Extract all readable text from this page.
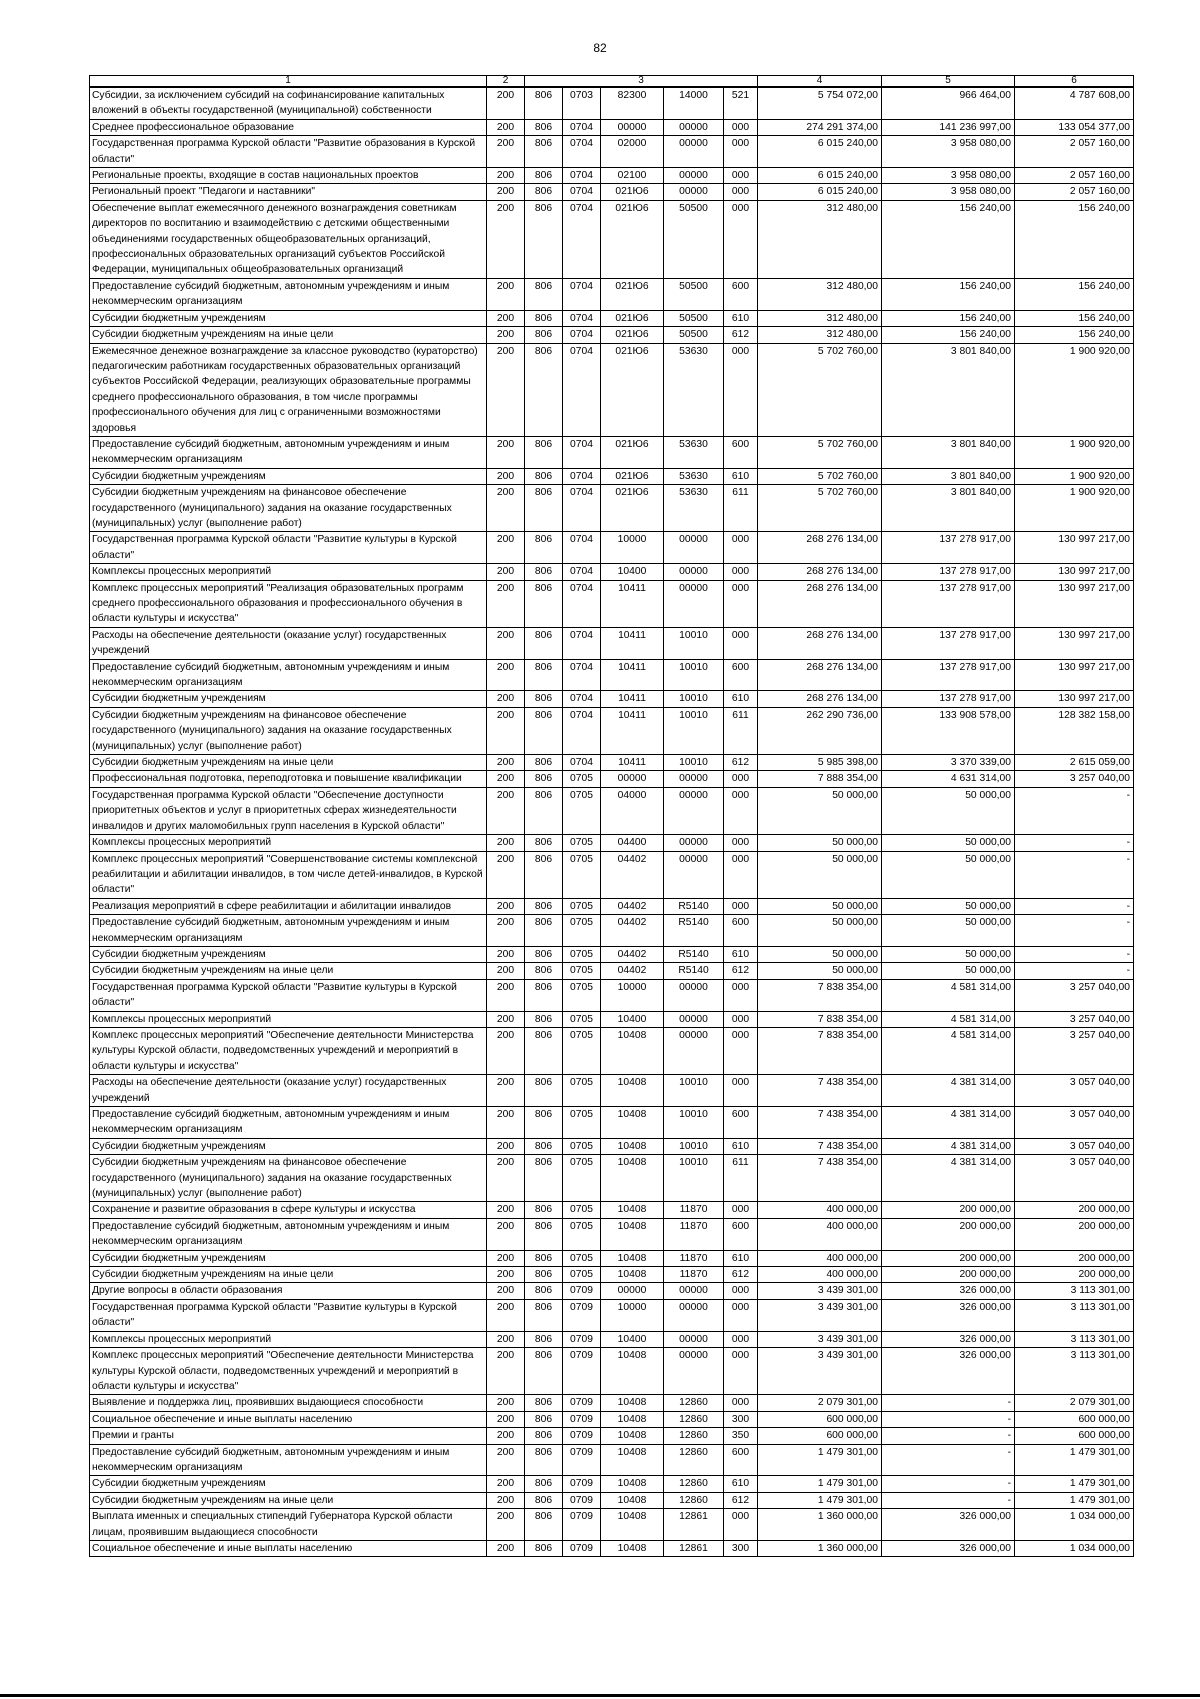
82
1	2	3					4	5	6
Субсидии, за исключением субсидий на софинансирование капитальных вложений в объекты государственной (муниципальной) собственности	200	806	0703	82300	14000	521	5 754 072,00	966 464,00	4 787 608,00
Среднее профессиональное образование	200	806	0704	00000	00000	000	274 291 374,00	141 236 997,00	133 054 377,00
Государственная программа Курской области "Развитие образования в Курской области"	200	806	0704	02000	00000	000	6 015 240,00	3 958 080,00	2 057 160,00
Региональные проекты, входящие в состав национальных проектов	200	806	0704	02100	00000	000	6 015 240,00	3 958 080,00	2 057 160,00
Региональный проект "Педагоги и наставники"	200	806	0704	021Ю6	00000	000	6 015 240,00	3 958 080,00	2 057 160,00
Обеспечение выплат ежемесячного денежного вознаграждения советникам директоров по воспитанию и взаимодействию с детскими общественными объединениями государственных общеобразовательных организаций, профессиональных образовательных организаций субъектов Российской Федерации, муниципальных общеобразовательных организаций	200	806	0704	021Ю6	50500	000	312 480,00	156 240,00	156 240,00
Предоставление субсидий бюджетным, автономным учреждениям и иным некоммерческим организациям	200	806	0704	021Ю6	50500	600	312 480,00	156 240,00	156 240,00
Субсидии бюджетным учреждениям	200	806	0704	021Ю6	50500	610	312 480,00	156 240,00	156 240,00
Субсидии бюджетным учреждениям на иные цели	200	806	0704	021Ю6	50500	612	312 480,00	156 240,00	156 240,00
Ежемесячное денежное вознаграждение за классное руководство (кураторство) педагогическим работникам государственных образовательных организаций субъектов Российской Федерации, реализующих образовательные программы среднего профессионального образования, в том числе программы профессионального обучения для лиц с ограниченными возможностями здоровья	200	806	0704	021Ю6	53630	000	5 702 760,00	3 801 840,00	1 900 920,00
Предоставление субсидий бюджетным, автономным учреждениям и иным некоммерческим организациям	200	806	0704	021Ю6	53630	600	5 702 760,00	3 801 840,00	1 900 920,00
Субсидии бюджетным учреждениям	200	806	0704	021Ю6	53630	610	5 702 760,00	3 801 840,00	1 900 920,00
Субсидии бюджетным учреждениям на финансовое обеспечение государственного (муниципального) задания на оказание государственных (муниципальных) услуг (выполнение работ)	200	806	0704	021Ю6	53630	611	5 702 760,00	3 801 840,00	1 900 920,00
Государственная программа Курской области "Развитие культуры в Курской области"	200	806	0704	10000	00000	000	268 276 134,00	137 278 917,00	130 997 217,00
Комплексы процессных мероприятий	200	806	0704	10400	00000	000	268 276 134,00	137 278 917,00	130 997 217,00
Комплекс процессных мероприятий "Реализация образовательных программ среднего профессионального образования и профессионального обучения в области культуры и искусства"	200	806	0704	10411	00000	000	268 276 134,00	137 278 917,00	130 997 217,00
Расходы на обеспечение деятельности (оказание услуг) государственных учреждений	200	806	0704	10411	10010	000	268 276 134,00	137 278 917,00	130 997 217,00
Предоставление субсидий бюджетным, автономным учреждениям и иным некоммерческим организациям	200	806	0704	10411	10010	600	268 276 134,00	137 278 917,00	130 997 217,00
Субсидии бюджетным учреждениям	200	806	0704	10411	10010	610	268 276 134,00	137 278 917,00	130 997 217,00
Субсидии бюджетным учреждениям на финансовое обеспечение государственного (муниципального) задания на оказание государственных (муниципальных) услуг (выполнение работ)	200	806	0704	10411	10010	611	262 290 736,00	133 908 578,00	128 382 158,00
Субсидии бюджетным учреждениям на иные цели	200	806	0704	10411	10010	612	5 985 398,00	3 370 339,00	2 615 059,00
Профессиональная подготовка, переподготовка и повышение квалификации	200	806	0705	00000	00000	000	7 888 354,00	4 631 314,00	3 257 040,00
Государственная программа Курской области "Обеспечение доступности приоритетных объектов и услуг в приоритетных сферах жизнедеятельности инвалидов и других маломобильных групп населения в Курской области"	200	806	0705	04000	00000	000	50 000,00	50 000,00	-
Комплексы процессных мероприятий	200	806	0705	04400	00000	000	50 000,00	50 000,00	-
Комплекс процессных мероприятий "Совершенствование системы комплексной реабилитации и абилитации инвалидов, в том числе детей-инвалидов, в Курской области"	200	806	0705	04402	00000	000	50 000,00	50 000,00	-
Реализация мероприятий в сфере реабилитации и абилитации инвалидов	200	806	0705	04402	R5140	000	50 000,00	50 000,00	-
Предоставление субсидий бюджетным, автономным учреждениям и иным некоммерческим организациям	200	806	0705	04402	R5140	600	50 000,00	50 000,00	-
Субсидии бюджетным учреждениям	200	806	0705	04402	R5140	610	50 000,00	50 000,00	-
Субсидии бюджетным учреждениям на иные цели	200	806	0705	04402	R5140	612	50 000,00	50 000,00	-
Государственная программа Курской области "Развитие культуры в Курской области"	200	806	0705	10000	00000	000	7 838 354,00	4 581 314,00	3 257 040,00
Комплексы процессных мероприятий	200	806	0705	10400	00000	000	7 838 354,00	4 581 314,00	3 257 040,00
Комплекс процессных мероприятий "Обеспечение деятельности Министерства культуры Курской области, подведомственных учреждений и мероприятий в области культуры и искусства"	200	806	0705	10408	00000	000	7 838 354,00	4 581 314,00	3 257 040,00
Расходы на обеспечение деятельности (оказание услуг) государственных учреждений	200	806	0705	10408	10010	000	7 438 354,00	4 381 314,00	3 057 040,00
Предоставление субсидий бюджетным, автономным учреждениям и иным некоммерческим организациям	200	806	0705	10408	10010	600	7 438 354,00	4 381 314,00	3 057 040,00
Субсидии бюджетным учреждениям	200	806	0705	10408	10010	610	7 438 354,00	4 381 314,00	3 057 040,00
Субсидии бюджетным учреждениям на финансовое обеспечение государственного (муниципального) задания на оказание государственных (муниципальных) услуг (выполнение работ)	200	806	0705	10408	10010	611	7 438 354,00	4 381 314,00	3 057 040,00
Сохранение и развитие образования в сфере культуры и искусства	200	806	0705	10408	11870	000	400 000,00	200 000,00	200 000,00
Предоставление субсидий бюджетным, автономным учреждениям и иным некоммерческим организациям	200	806	0705	10408	11870	600	400 000,00	200 000,00	200 000,00
Субсидии бюджетным учреждениям	200	806	0705	10408	11870	610	400 000,00	200 000,00	200 000,00
Субсидии бюджетным учреждениям на иные цели	200	806	0705	10408	11870	612	400 000,00	200 000,00	200 000,00
Другие вопросы в области образования	200	806	0709	00000	00000	000	3 439 301,00	326 000,00	3 113 301,00
Государственная программа Курской области "Развитие культуры в Курской области"	200	806	0709	10000	00000	000	3 439 301,00	326 000,00	3 113 301,00
Комплексы процессных мероприятий	200	806	0709	10400	00000	000	3 439 301,00	326 000,00	3 113 301,00
Комплекс процессных мероприятий "Обеспечение деятельности Министерства культуры Курской области, подведомственных учреждений и мероприятий в области культуры и искусства"	200	806	0709	10408	00000	000	3 439 301,00	326 000,00	3 113 301,00
Выявление и поддержка лиц, проявивших выдающиеся способности	200	806	0709	10408	12860	000	2 079 301,00	-	2 079 301,00
Социальное обеспечение и иные выплаты населению	200	806	0709	10408	12860	300	600 000,00	-	600 000,00
Премии и гранты	200	806	0709	10408	12860	350	600 000,00	-	600 000,00
Предоставление субсидий бюджетным, автономным учреждениям и иным некоммерческим организациям	200	806	0709	10408	12860	600	1 479 301,00	-	1 479 301,00
Субсидии бюджетным учреждениям	200	806	0709	10408	12860	610	1 479 301,00	-	1 479 301,00
Субсидии бюджетным учреждениям на иные цели	200	806	0709	10408	12860	612	1 479 301,00	-	1 479 301,00
Выплата именных и специальных стипендий Губернатора Курской области лицам, проявившим выдающиеся способности	200	806	0709	10408	12861	000	1 360 000,00	326 000,00	1 034 000,00
Социальное обеспечение и иные выплаты населению	200	806	0709	10408	12861	300	1 360 000,00	326 000,00	1 034 000,00
